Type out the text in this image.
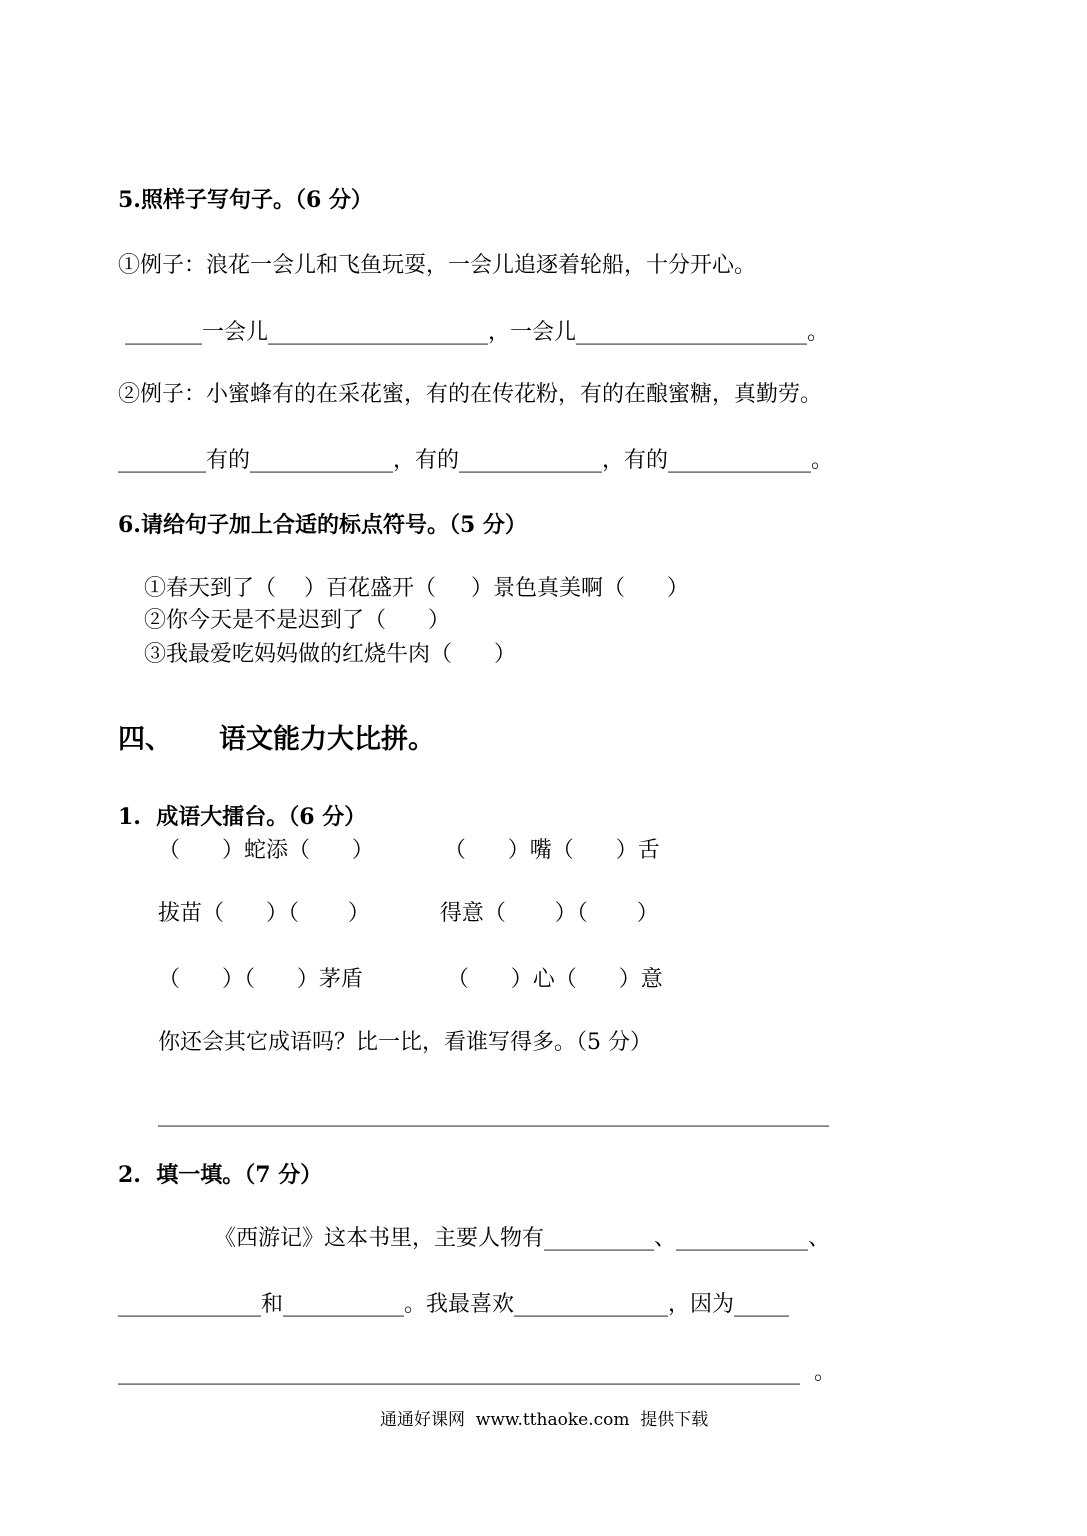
5.照样子写句子。（6 分）
①例子：浪花一会儿和飞鱼玩耍，一会儿追逐着轮船，十分开心。
_______一会儿____________________，一会儿_____________________。
②例子：小蜜蜂有的在采花蜜，有的在传花粉，有的在酿蜜糖，真勤劳。
________有的_____________，有的_____________，有的_____________。
6.请给句子加上合适的标点符号。（5 分）
①春天到了（    ）百花盛开（     ）景色真美啊（      ）
②你今天是不是迟到了（      ）
③我最爱吃妈妈做的红烧牛肉（      ）
四、     语文能力大比拼。
1.  成语大擂台。（6 分）
（      ）蛇添（      ）          （      ）嘴（      ）舌
拔苗（      ）（       ）          得意（       ）（       ）
（      ）（      ）茅盾            （      ）心（      ）意
你还会其它成语吗？比一比，看谁写得多。（5 分）
_____________________________________________________________
2.  填一填。（7 分）
《西游记》这本书里，主要人物有__________、____________、
_____________和___________。我最喜欢______________，因为_____
______________________________________________________________  。
通通好课网  www.tthaoke.com  提供下载
